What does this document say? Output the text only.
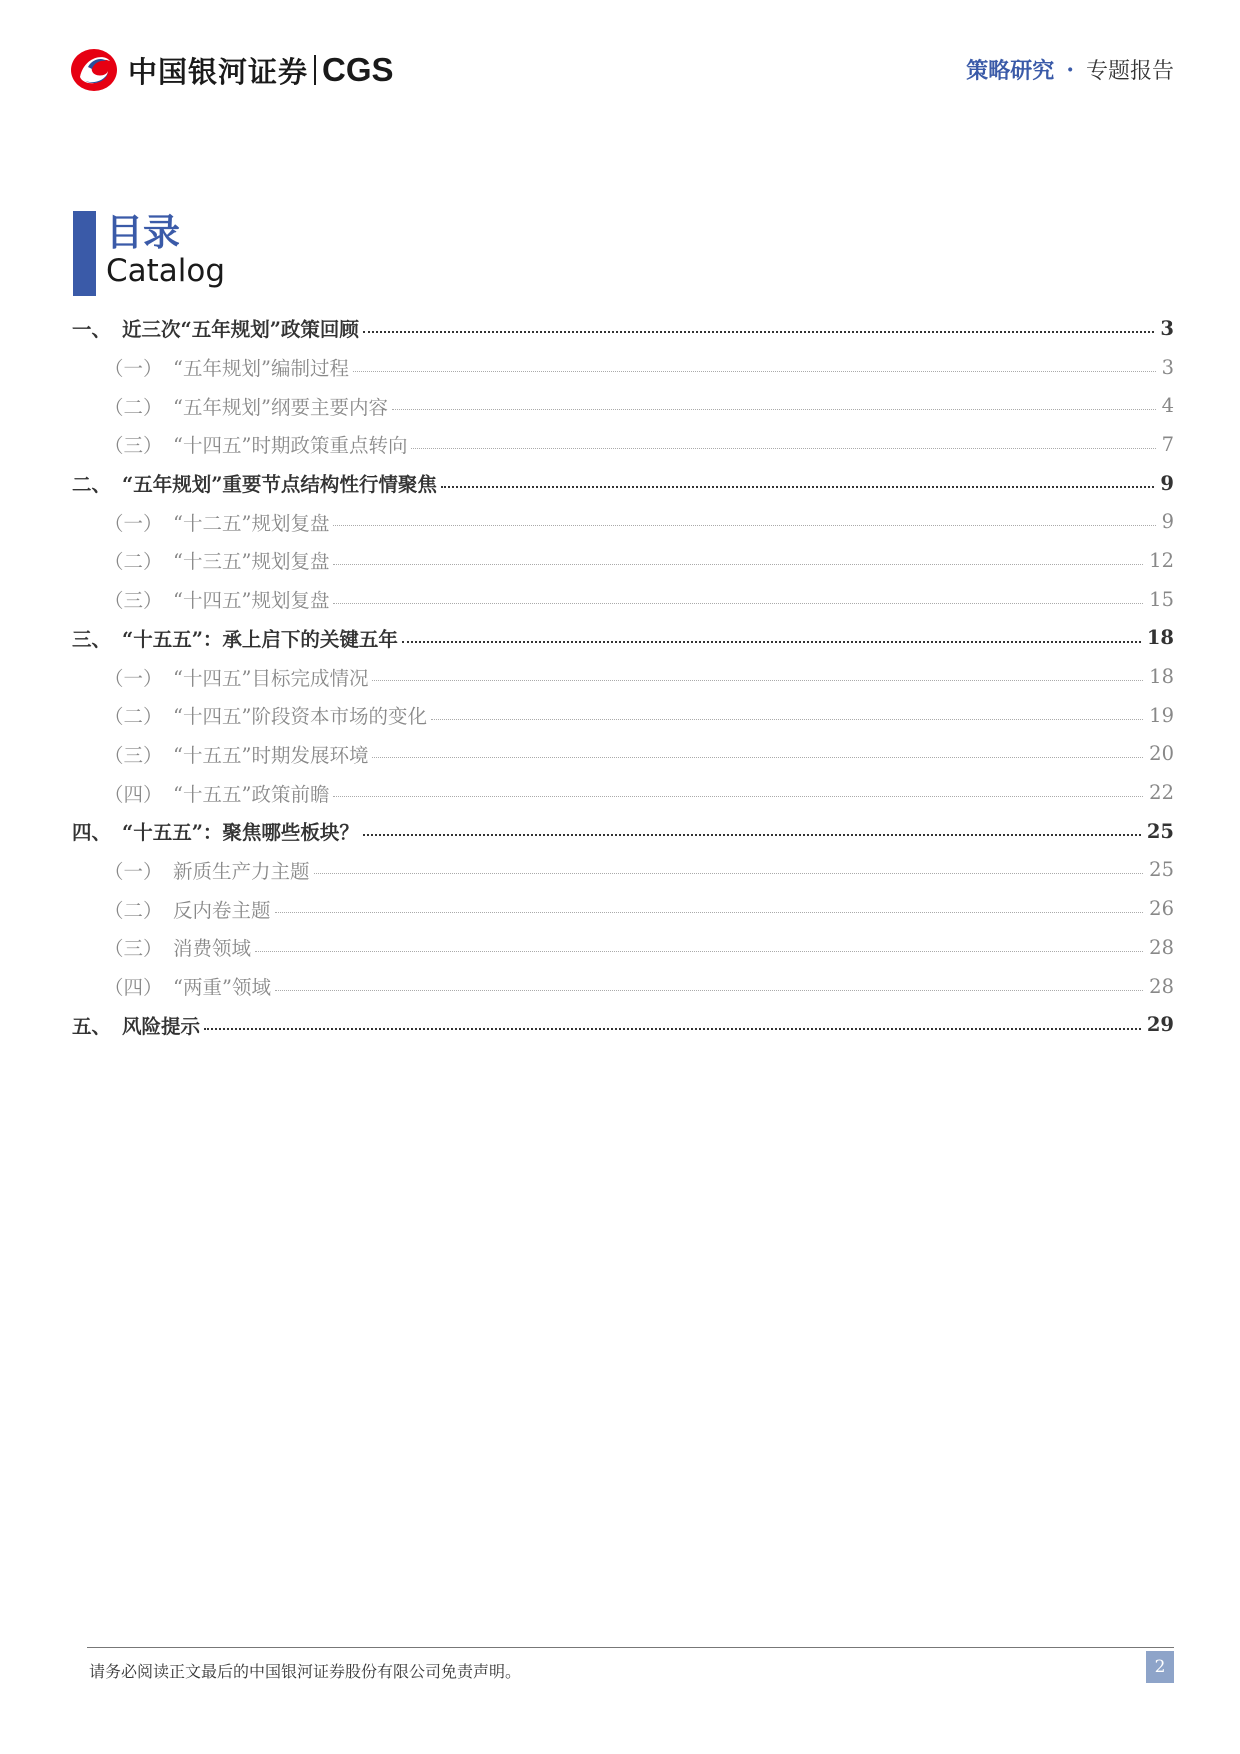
中国银河证券 CGS	策略研究 · 专题报告
目录
Catalog
一、 近三次“五年规划”政策回顾	3
（一） “五年规划”编制过程	3
（二） “五年规划”纲要主要内容	4
（三） “十四五”时期政策重点转向	7
二、 “五年规划”重要节点结构性行情聚焦	9
（一） “十二五”规划复盘	9
（二） “十三五”规划复盘	12
（三） “十四五”规划复盘	15
三、 “十五五”：承上启下的关键五年	18
（一） “十四五”目标完成情况	18
（二） “十四五”阶段资本市场的变化	19
（三） “十五五”时期发展环境	20
（四） “十五五”政策前瞻	22
四、 “十五五”：聚焦哪些板块？	25
（一） 新质生产力主题	25
（二） 反内卷主题	26
（三） 消费领域	28
（四） “两重”领域	28
五、 风险提示	29
请务必阅读正文最后的中国银河证券股份有限公司免责声明。	2
